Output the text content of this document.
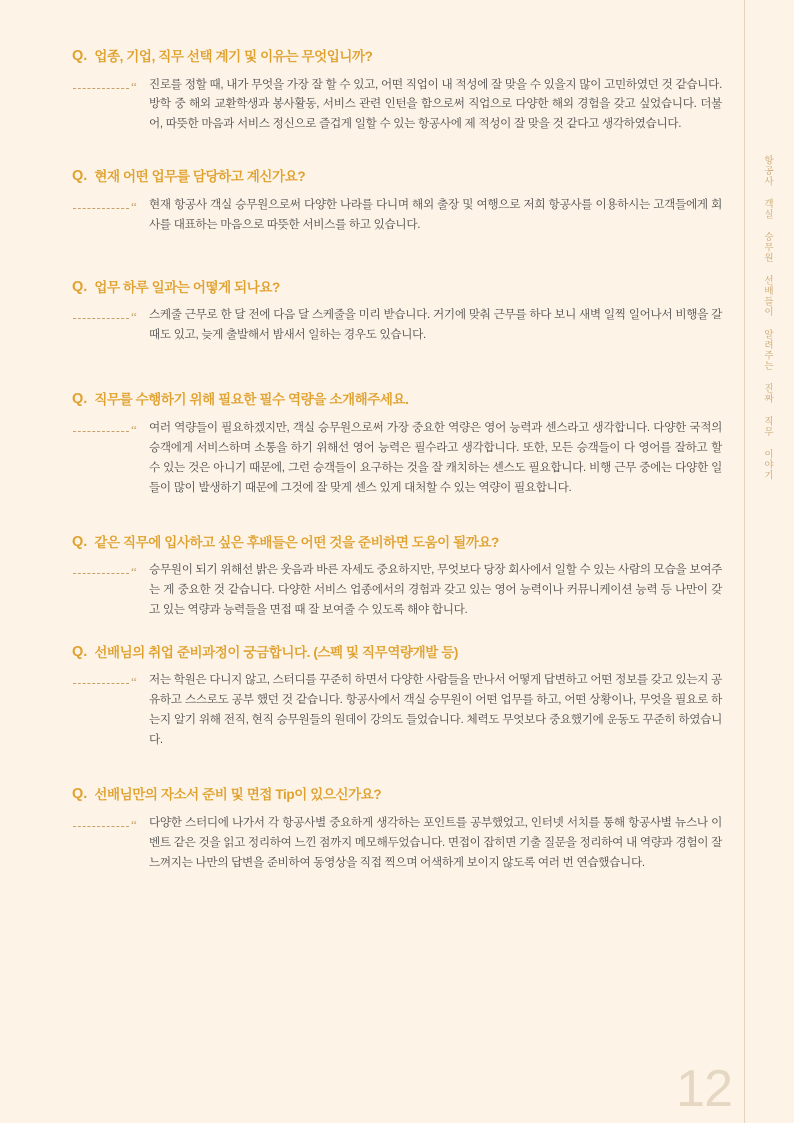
항공사 객실 승무원 선배들이 알려주는 진짜 직무 이야기
Q. 업종, 기업, 직무 선택 계기 및 이유는 무엇입니까?
“ 진로를 정할 때, 내가 무엇을 가장 잘 할 수 있고, 어떤 직업이 내 적성에 잘 맞을 수 있을지 많이 고민하였던 것 같습니다. 방학 중 해외 교환학생과 봉사활동, 서비스 관련 인턴을 함으로써 직업으로 다양한 해외 경험을 갖고 싶었습니다. 더불어, 따뜻한 마음과 서비스 정신으로 즐겁게 일할 수 있는 항공사에 제 적성이 잘 맞을 것 같다고 생각하였습니다.
Q. 현재 어떤 업무를 담당하고 계신가요?
“ 현재 항공사 객실 승무원으로써 다양한 나라를 다니며 해외 출장 및 여행으로 저희 항공사를 이용하시는 고객들에게 회사를 대표하는 마음으로 따뜻한 서비스를 하고 있습니다.
Q. 업무 하루 일과는 어떻게 되나요?
“ 스케줄 근무로 한 달 전에 다음 달 스케줄을 미리 받습니다. 거기에 맞춰 근무를 하다 보니 새벽 일찍 일어나서 비행을 갈 때도 있고, 늦게 출발해서 밤새서 일하는 경우도 있습니다.
Q. 직무를 수행하기 위해 필요한 필수 역량을 소개해주세요.
“ 여러 역량들이 필요하겠지만, 객실 승무원으로써 가장 중요한 역량은 영어 능력과 센스라고 생각합니다. 다양한 국적의 승객에게 서비스하며 소통을 하기 위해선 영어 능력은 필수라고 생각합니다. 또한, 모든 승객들이 다 영어를 잘하고 할 수 있는 것은 아니기 때문에, 그런 승객들이 요구하는 것을 잘 캐치하는 센스도 필요합니다. 비행 근무 중에는 다양한 일들이 많이 발생하기 때문에 그것에 잘 맞게 센스 있게 대처할 수 있는 역량이 필요합니다.
Q. 같은 직무에 입사하고 싶은 후배들은 어떤 것을 준비하면 도움이 될까요?
“ 승무원이 되기 위해선 밝은 웃음과 바른 자세도 중요하지만, 무엇보다 당장 회사에서 일할 수 있는 사람의 모습을 보여주는 게 중요한 것 같습니다. 다양한 서비스 업종에서의 경험과 갖고 있는 영어 능력이나 커뮤니케이션 능력 등 나만이 갖고 있는 역량과 능력들을 면접 때 잘 보여줄 수 있도록 해야 합니다.
Q. 선배님의 취업 준비과정이 궁금합니다. (스펙 및 직무역량개발 등)
“ 저는 학원은 다니지 않고, 스터디를 꾸준히 하면서 다양한 사람들을 만나서 어떻게 답변하고 어떤 정보를 갖고 있는지 공유하고 스스로도 공부 했던 것 같습니다. 항공사에서 객실 승무원이 어떤 업무를 하고, 어떤 상황이나, 무엇을 필요로 하는지 알기 위해 전직, 현직 승무원들의 원데이 강의도 들었습니다. 체력도 무엇보다 중요했기에 운동도 꾸준히 하였습니다.
Q. 선배님만의 자소서 준비 및 면접 Tip이 있으신가요?
“ 다양한 스터디에 나가서 각 항공사별 중요하게 생각하는 포인트를 공부했었고, 인터넷 서치를 통해 항공사별 뉴스나 이벤트 같은 것을 읽고 정리하여 느낀 점까지 메모해두었습니다. 면접이 잡히면 기출 질문을 정리하여 내 역량과 경험이 잘 느껴지는 나만의 답변을 준비하여 동영상을 직접 찍으며 어색하게 보이지 않도록 여러 번 연습했습니다.
12
